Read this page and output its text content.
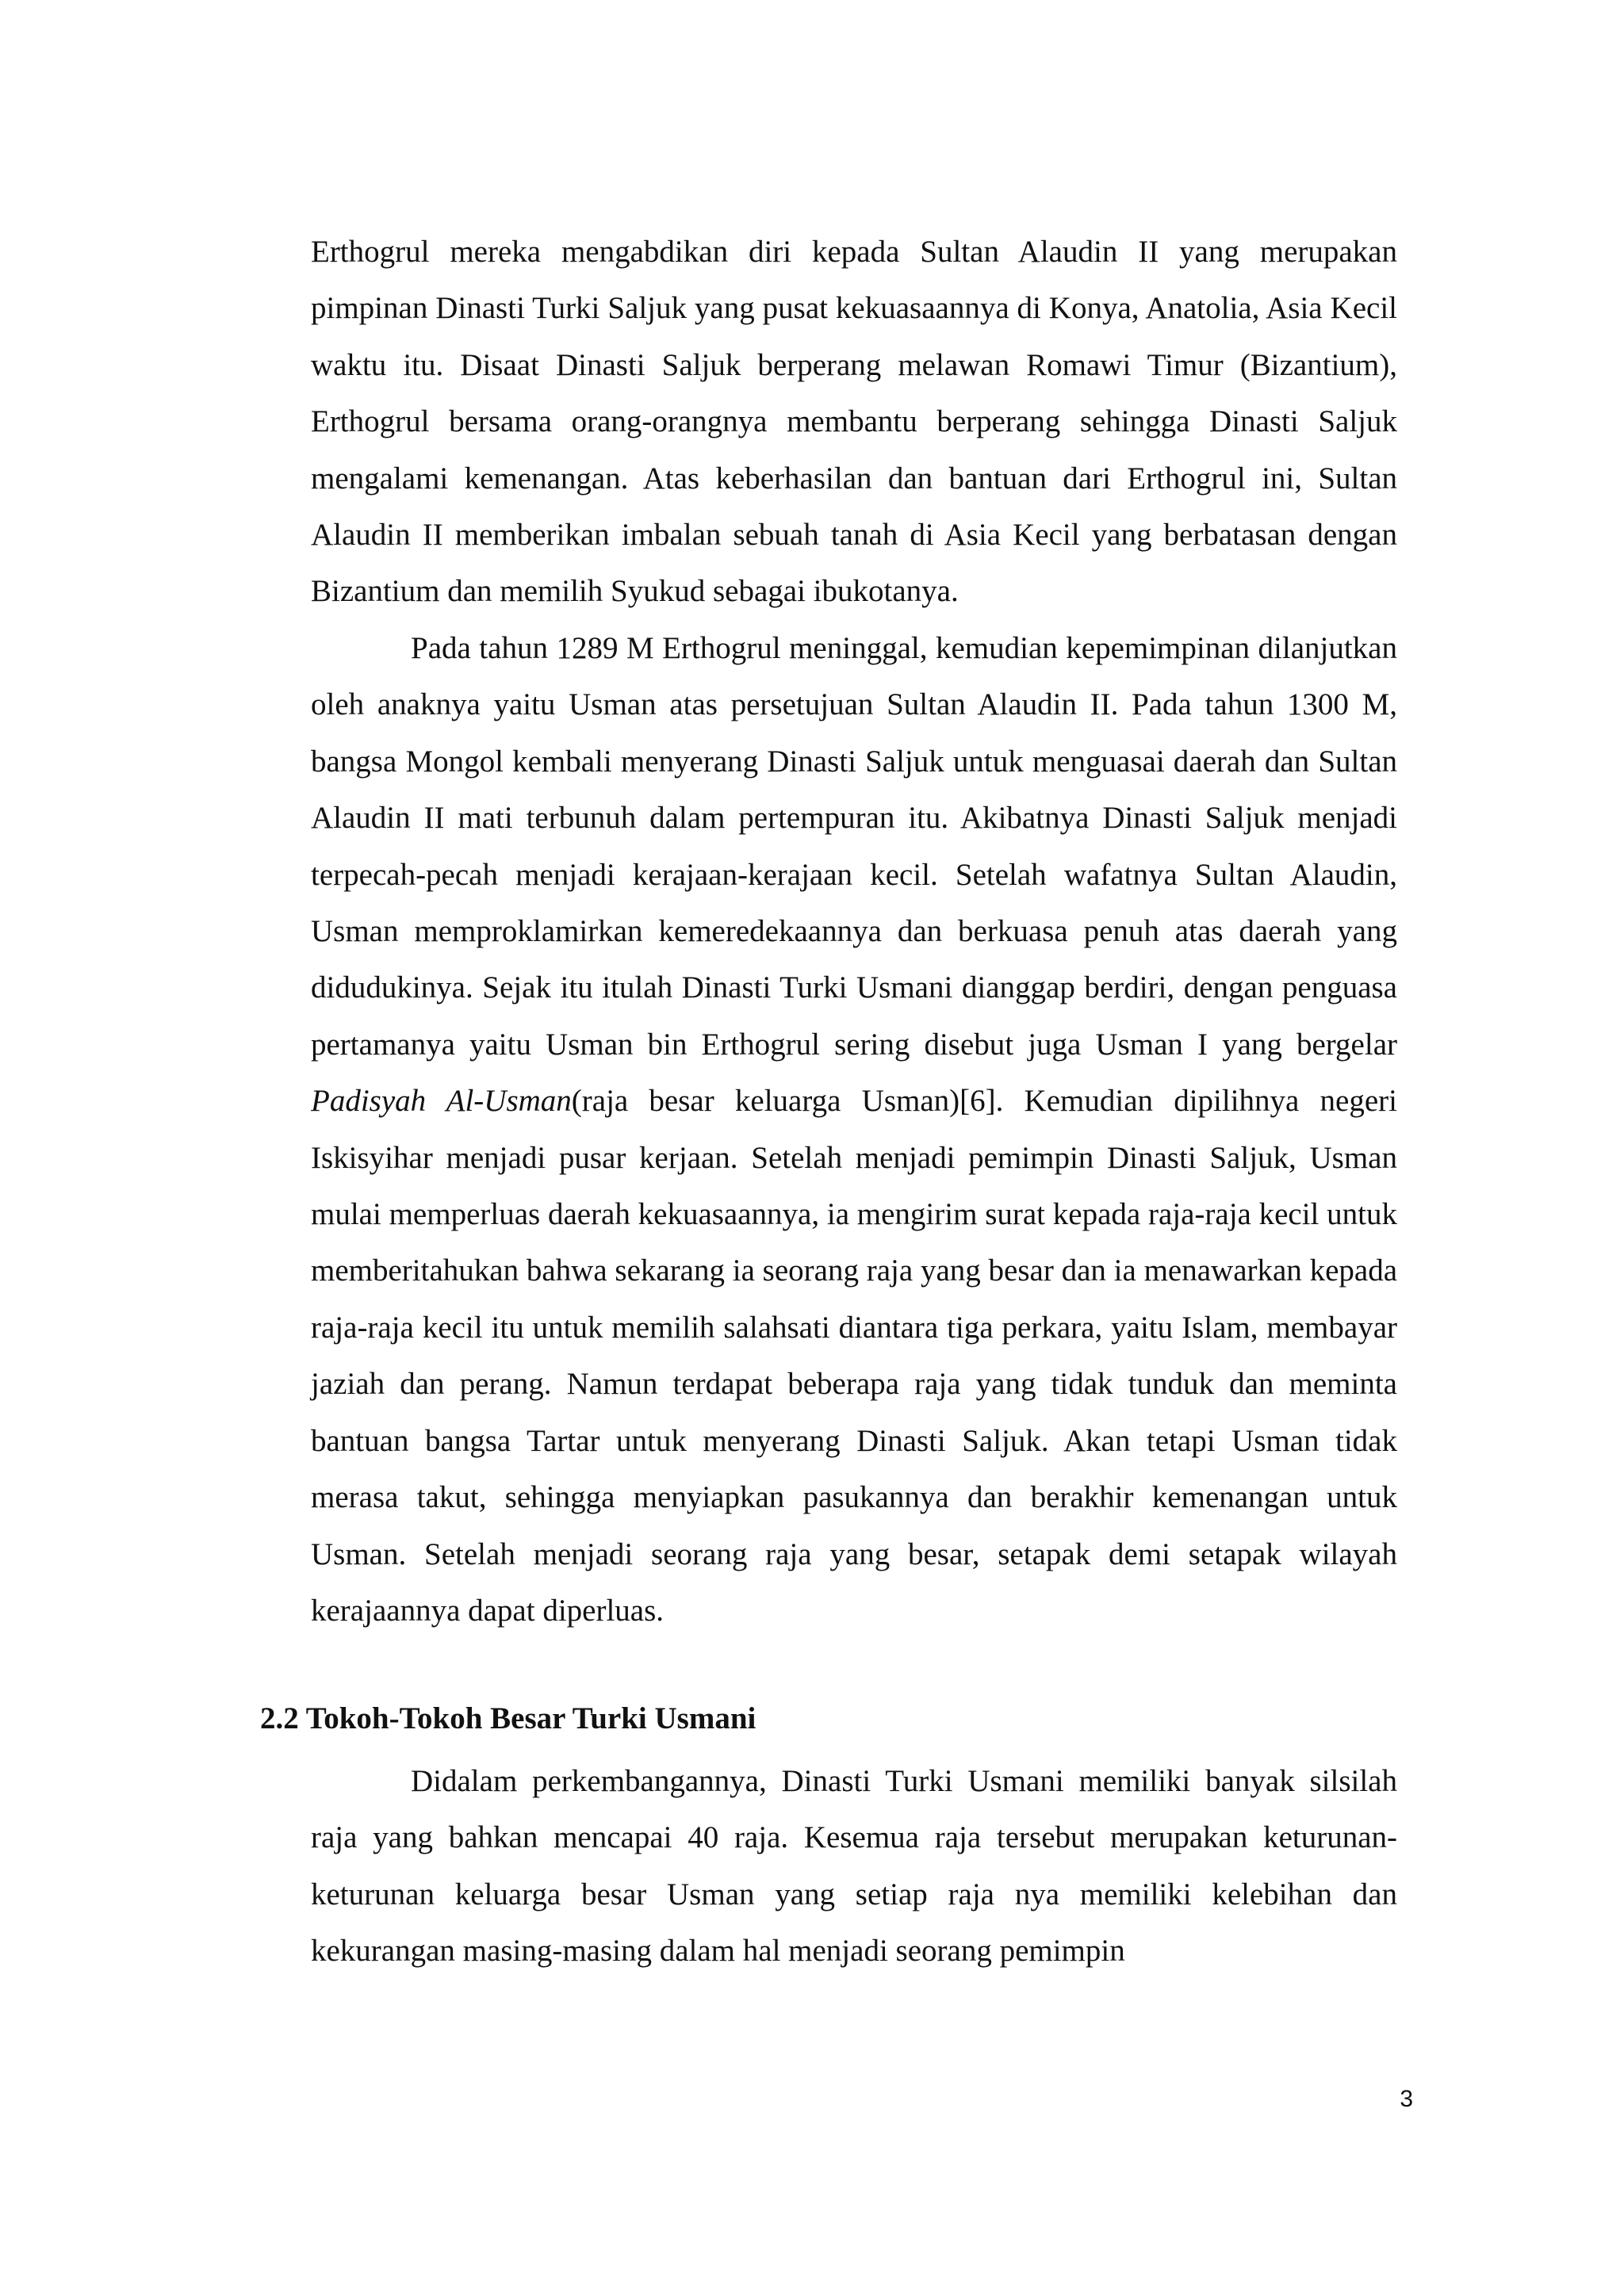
Erthogrul mereka mengabdikan diri kepada Sultan Alaudin II yang merupakan pimpinan Dinasti Turki Saljuk yang pusat kekuasaannya di Konya, Anatolia, Asia Kecil waktu itu. Disaat Dinasti Saljuk berperang melawan Romawi Timur (Bizantium), Erthogrul bersama orang-orangnya membantu berperang sehingga Dinasti Saljuk mengalami kemenangan. Atas keberhasilan dan bantuan dari Erthogrul ini, Sultan Alaudin II memberikan imbalan sebuah tanah di Asia Kecil yang berbatasan dengan Bizantium dan memilih Syukud sebagai ibukotanya.

Pada tahun 1289 M Erthogrul meninggal, kemudian kepemimpinan dilanjutkan oleh anaknya yaitu Usman atas persetujuan Sultan Alaudin II. Pada tahun 1300 M, bangsa Mongol kembali menyerang Dinasti Saljuk untuk menguasai daerah dan Sultan Alaudin II mati terbunuh dalam pertempuran itu. Akibatnya Dinasti Saljuk menjadi terpecah-pecah menjadi kerajaan-kerajaan kecil. Setelah wafatnya Sultan Alaudin, Usman memproklamirkan kemeredekaannya dan berkuasa penuh atas daerah yang didudukinya. Sejak itu itulah Dinasti Turki Usmani dianggap berdiri, dengan penguasa pertamanya yaitu Usman bin Erthogrul sering disebut juga Usman I yang bergelar Padisyah Al-Usman(raja besar keluarga Usman)[6]. Kemudian dipilihnya negeri Iskisyihar menjadi pusar kerjaan. Setelah menjadi pemimpin Dinasti Saljuk, Usman mulai memperluas daerah kekuasaannya, ia mengirim surat kepada raja-raja kecil untuk memberitahukan bahwa sekarang ia seorang raja yang besar dan ia menawarkan kepada raja-raja kecil itu untuk memilih salahsati diantara tiga perkara, yaitu Islam, membayar jaziah dan perang. Namun terdapat beberapa raja yang tidak tunduk dan meminta bantuan bangsa Tartar untuk menyerang Dinasti Saljuk. Akan tetapi Usman tidak merasa takut, sehingga menyiapkan pasukannya dan berakhir kemenangan untuk Usman. Setelah menjadi seorang raja yang besar, setapak demi setapak wilayah kerajaannya dapat diperluas.

2.2 Tokoh-Tokoh Besar Turki Usmani

Didalam perkembangannya, Dinasti Turki Usmani memiliki banyak silsilah raja yang bahkan mencapai 40 raja. Kesemua raja tersebut merupakan keturunan-keturunan keluarga besar Usman yang setiap raja nya memiliki kelebihan dan kekurangan masing-masing dalam hal menjadi seorang pemimpin

3
